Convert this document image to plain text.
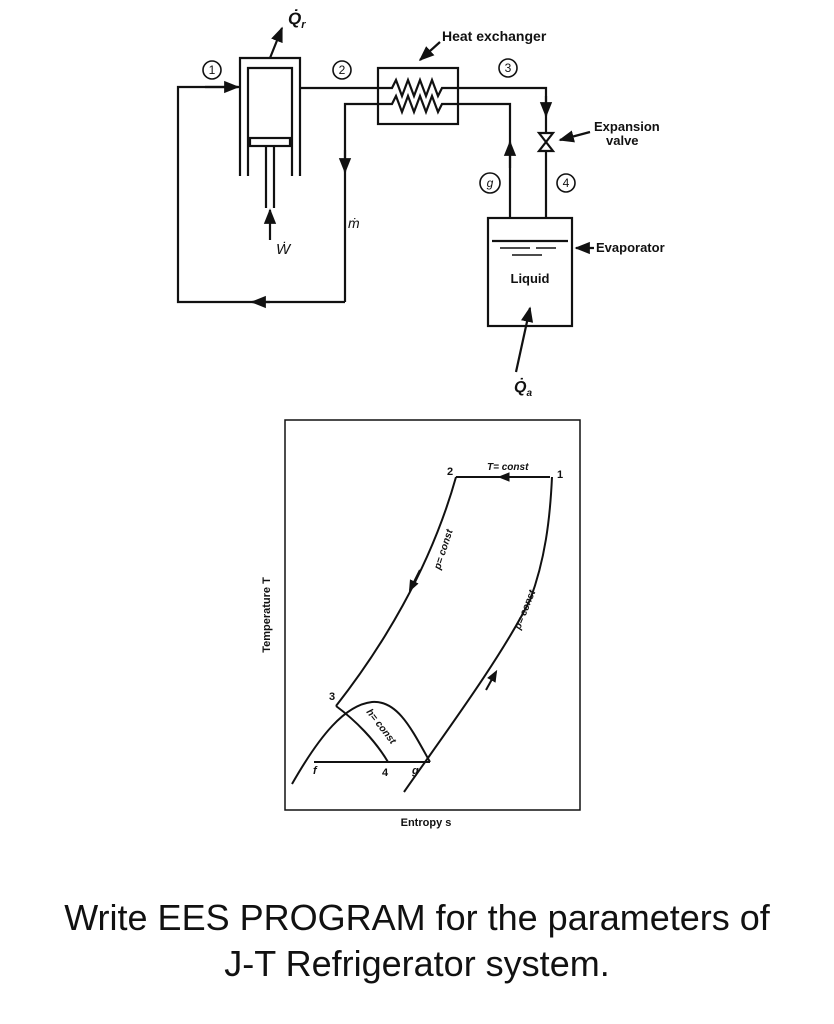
1	2	3
4
g
$Q̇_r$
Ẇ
ṁ
Heat exchanger
Expansion
valve
Evaporator
Liquid
$Q̇_a$
1
2
3
4
f	g
T= const
p= const
p= const
h= const
Entropy s
Temperature T
Write EES PROGRAM for the parameters of
J-T Refrigerator system.
